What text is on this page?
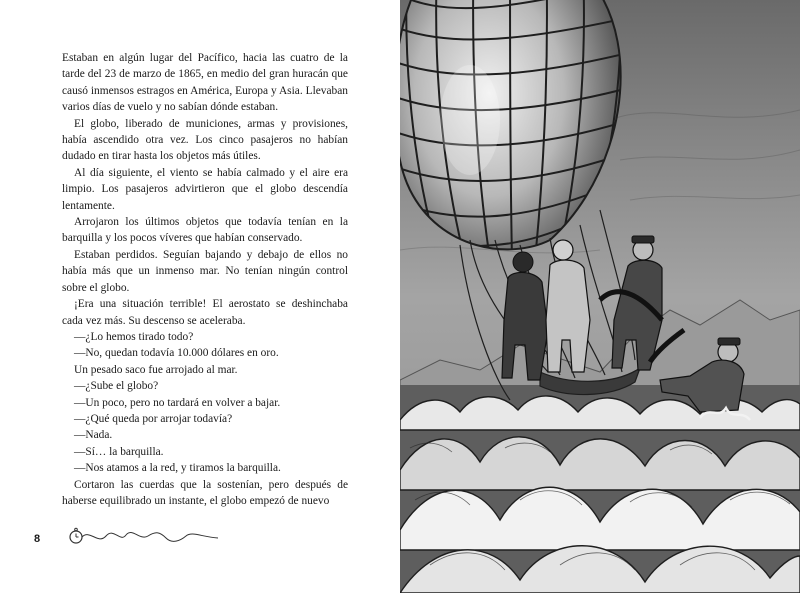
Estaban en algún lugar del Pacífico, hacia las cuatro de la tarde del 23 de marzo de 1865, en medio del gran huracán que causó inmensos estragos en América, Europa y Asia. Llevaban varios días de vuelo y no sabían dónde estaban.

El globo, liberado de municiones, armas y provisiones, había ascendido otra vez. Los cinco pasajeros no habían dudado en tirar hasta los objetos más útiles.

Al día siguiente, el viento se había calmado y el aire era limpio. Los pasajeros advirtieron que el globo descendía lentamente.

Arrojaron los últimos objetos que todavía tenían en la barquilla y los pocos víveres que habían conservado.

Estaban perdidos. Seguían bajando y debajo de ellos no había más que un inmenso mar. No tenían ningún control sobre el globo.

¡Era una situación terrible! El aerostato se deshinchaba cada vez más. Su descenso se aceleraba.

—¿Lo hemos tirado todo?

—No, quedan todavía 10.000 dólares en oro.

Un pesado saco fue arrojado al mar.

—¿Sube el globo?

—Un poco, pero no tardará en volver a bajar.

—¿Qué queda por arrojar todavía?

—Nada.

—Sí… la barquilla.

—Nos atamos a la red, y tiramos la barquilla.

Cortaron las cuerdas que la sostenían, pero después de haberse equilibrado un instante, el globo empezó de nuevo

8
